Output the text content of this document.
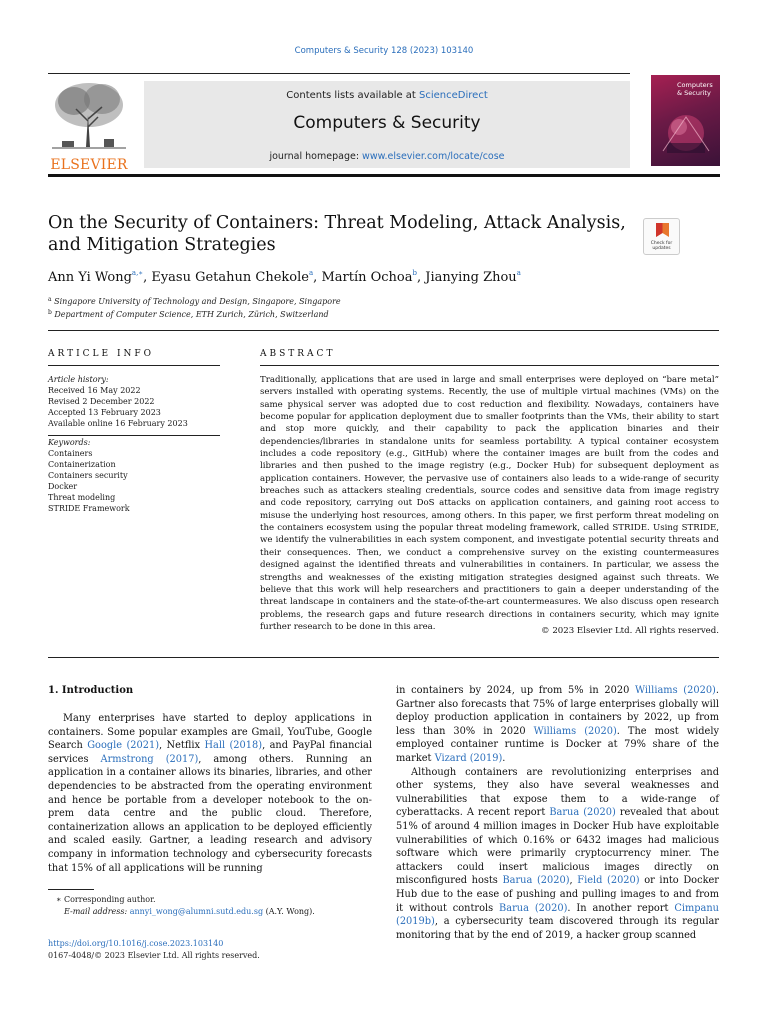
Computers & Security 128 (2023) 103140
ELSEVIER
Contents lists available at ScienceDirect
Computers & Security
journal homepage: www.elsevier.com/locate/cose
Computers & Security
On the Security of Containers: Threat Modeling, Attack Analysis, and Mitigation Strategies	Check for updates
Ann Yi Wong$^{a,∗}$, Eyasu Getahun Chekole$^a$, Martín Ochoa$^b$, Jianying Zhou$^a$
$^a$ Singapore University of Technology and Design, Singapore, Singapore
$^b$ Department of Computer Science, ETH Zurich, Zürich, Switzerland
ARTICLE INFO	ABSTRACT
Article history:
Received 16 May 2022
Revised 2 December 2022
Accepted 13 February 2023
Available online 16 February 2023
Keywords:
Containers
Containerization
Containers security
Docker
Threat modeling
STRIDE Framework
Traditionally, applications that are used in large and small enterprises were deployed on “bare metal” servers installed with operating systems. Recently, the use of multiple virtual machines (VMs) on the same physical server was adopted due to cost reduction and flexibility. Nowadays, containers have become popular for application deployment due to smaller footprints than the VMs, their ability to start and stop more quickly, and their capability to pack the application binaries and their dependencies/libraries in standalone units for seamless portability. A typical container ecosystem includes a code repository (e.g., GitHub) where the container images are built from the codes and libraries and then pushed to the image registry (e.g., Docker Hub) for subsequent deployment as application containers. However, the pervasive use of containers also leads to a wide-range of security breaches such as attackers stealing credentials, source codes and sensitive data from image registry and code repository, carrying out DoS attacks on application containers, and gaining root access to misuse the underlying host resources, among others. In this paper, we first perform threat modeling on the containers ecosystem using the popular threat modeling framework, called STRIDE. Using STRIDE, we identify the vulnerabilities in each system component, and investigate potential security threats and their consequences. Then, we conduct a comprehensive survey on the existing countermeasures designed against the identified threats and vulnerabilities in containers. In particular, we assess the strengths and weaknesses of the existing mitigation strategies designed against such threats. We believe that this work will help researchers and practitioners to gain a deeper understanding of the threat landscape in containers and the state-of-the-art countermeasures. We also discuss open research problems, the research gaps and future research directions in containers security, which may ignite further research to be done in this area.	© 2023 Elsevier Ltd. All rights reserved.
1. Introduction
Many enterprises have started to deploy applications in containers. Some popular examples are Gmail, YouTube, Google Search Google (2021), Netflix Hall (2018), and PayPal financial services Armstrong (2017), among others. Running an application in a container allows its binaries, libraries, and other dependencies to be abstracted from the operating environment and hence be portable from a developer notebook to the on-prem data centre and the public cloud. Therefore, containerization allows an application to be deployed efficiently and scaled easily. Gartner, a leading research and advisory company in information technology and cybersecurity forecasts that 15% of all applications will be running

in containers by 2024, up from 5% in 2020 Williams (2020). Gartner also forecasts that 75% of large enterprises globally will deploy production application in containers by 2022, up from less than 30% in 2020 Williams (2020). The most widely employed container runtime is Docker at 79% share of the market Vizard (2019).

Although containers are revolutionizing enterprises and other systems, they also have several weaknesses and vulnerabilities that expose them to a wide-range of cyberattacks. A recent report Barua (2020) revealed that about 51% of around 4 million images in Docker Hub have exploitable vulnerabilities of which 0.16% or 6432 images had malicious software which were primarily cryptocurrency miner. The attackers could insert malicious images directly on misconfigured hosts Barua (2020), Field (2020) or into Docker Hub due to the ease of pushing and pulling images to and from it without controls Barua (2020). In another report Cimpanu (2019b), a cybersecurity team discovered through its regular monitoring that by the end of 2019, a hacker group scanned

∗ Corresponding author.
E-mail address: annyi_wong@alumni.sutd.edu.sg (A.Y. Wong).
https://doi.org/10.1016/j.cose.2023.103140
0167-4048/© 2023 Elsevier Ltd. All rights reserved.
